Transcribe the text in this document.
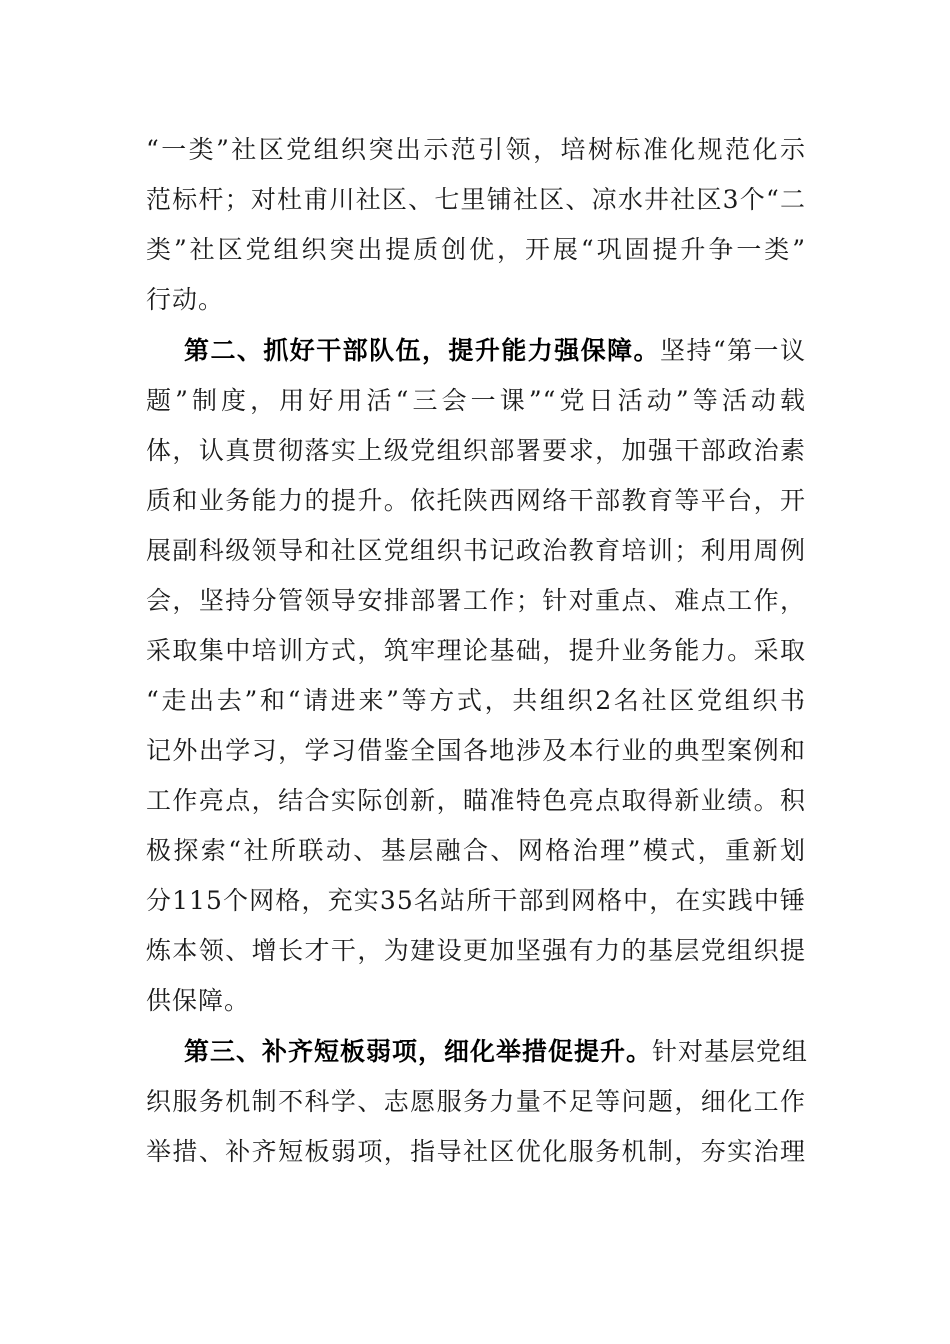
“一类”社区党组织突出示范引领，培树标准化规范化示
范标杆；对杜甫川社区、七里铺社区、凉水井社区3个“二
类”社区党组织突出提质创优，开展“巩固提升争一类”
行动。
第二、抓好干部队伍，提升能力强保障。坚持“第一议
题”制度，用好用活“三会一课”“党日活动”等活动载
体，认真贯彻落实上级党组织部署要求，加强干部政治素
质和业务能力的提升。依托陕西网络干部教育等平台，开
展副科级领导和社区党组织书记政治教育培训；利用周例
会，坚持分管领导安排部署工作；针对重点、难点工作，
采取集中培训方式，筑牢理论基础，提升业务能力。采取
“走出去”和“请进来”等方式，共组织2名社区党组织书
记外出学习，学习借鉴全国各地涉及本行业的典型案例和
工作亮点，结合实际创新，瞄准特色亮点取得新业绩。积
极探索“社所联动、基层融合、网格治理”模式，重新划
分115个网格，充实35名站所干部到网格中，在实践中锤
炼本领、增长才干，为建设更加坚强有力的基层党组织提
供保障。
第三、补齐短板弱项，细化举措促提升。针对基层党组
织服务机制不科学、志愿服务力量不足等问题，细化工作
举措、补齐短板弱项，指导社区优化服务机制，夯实治理
